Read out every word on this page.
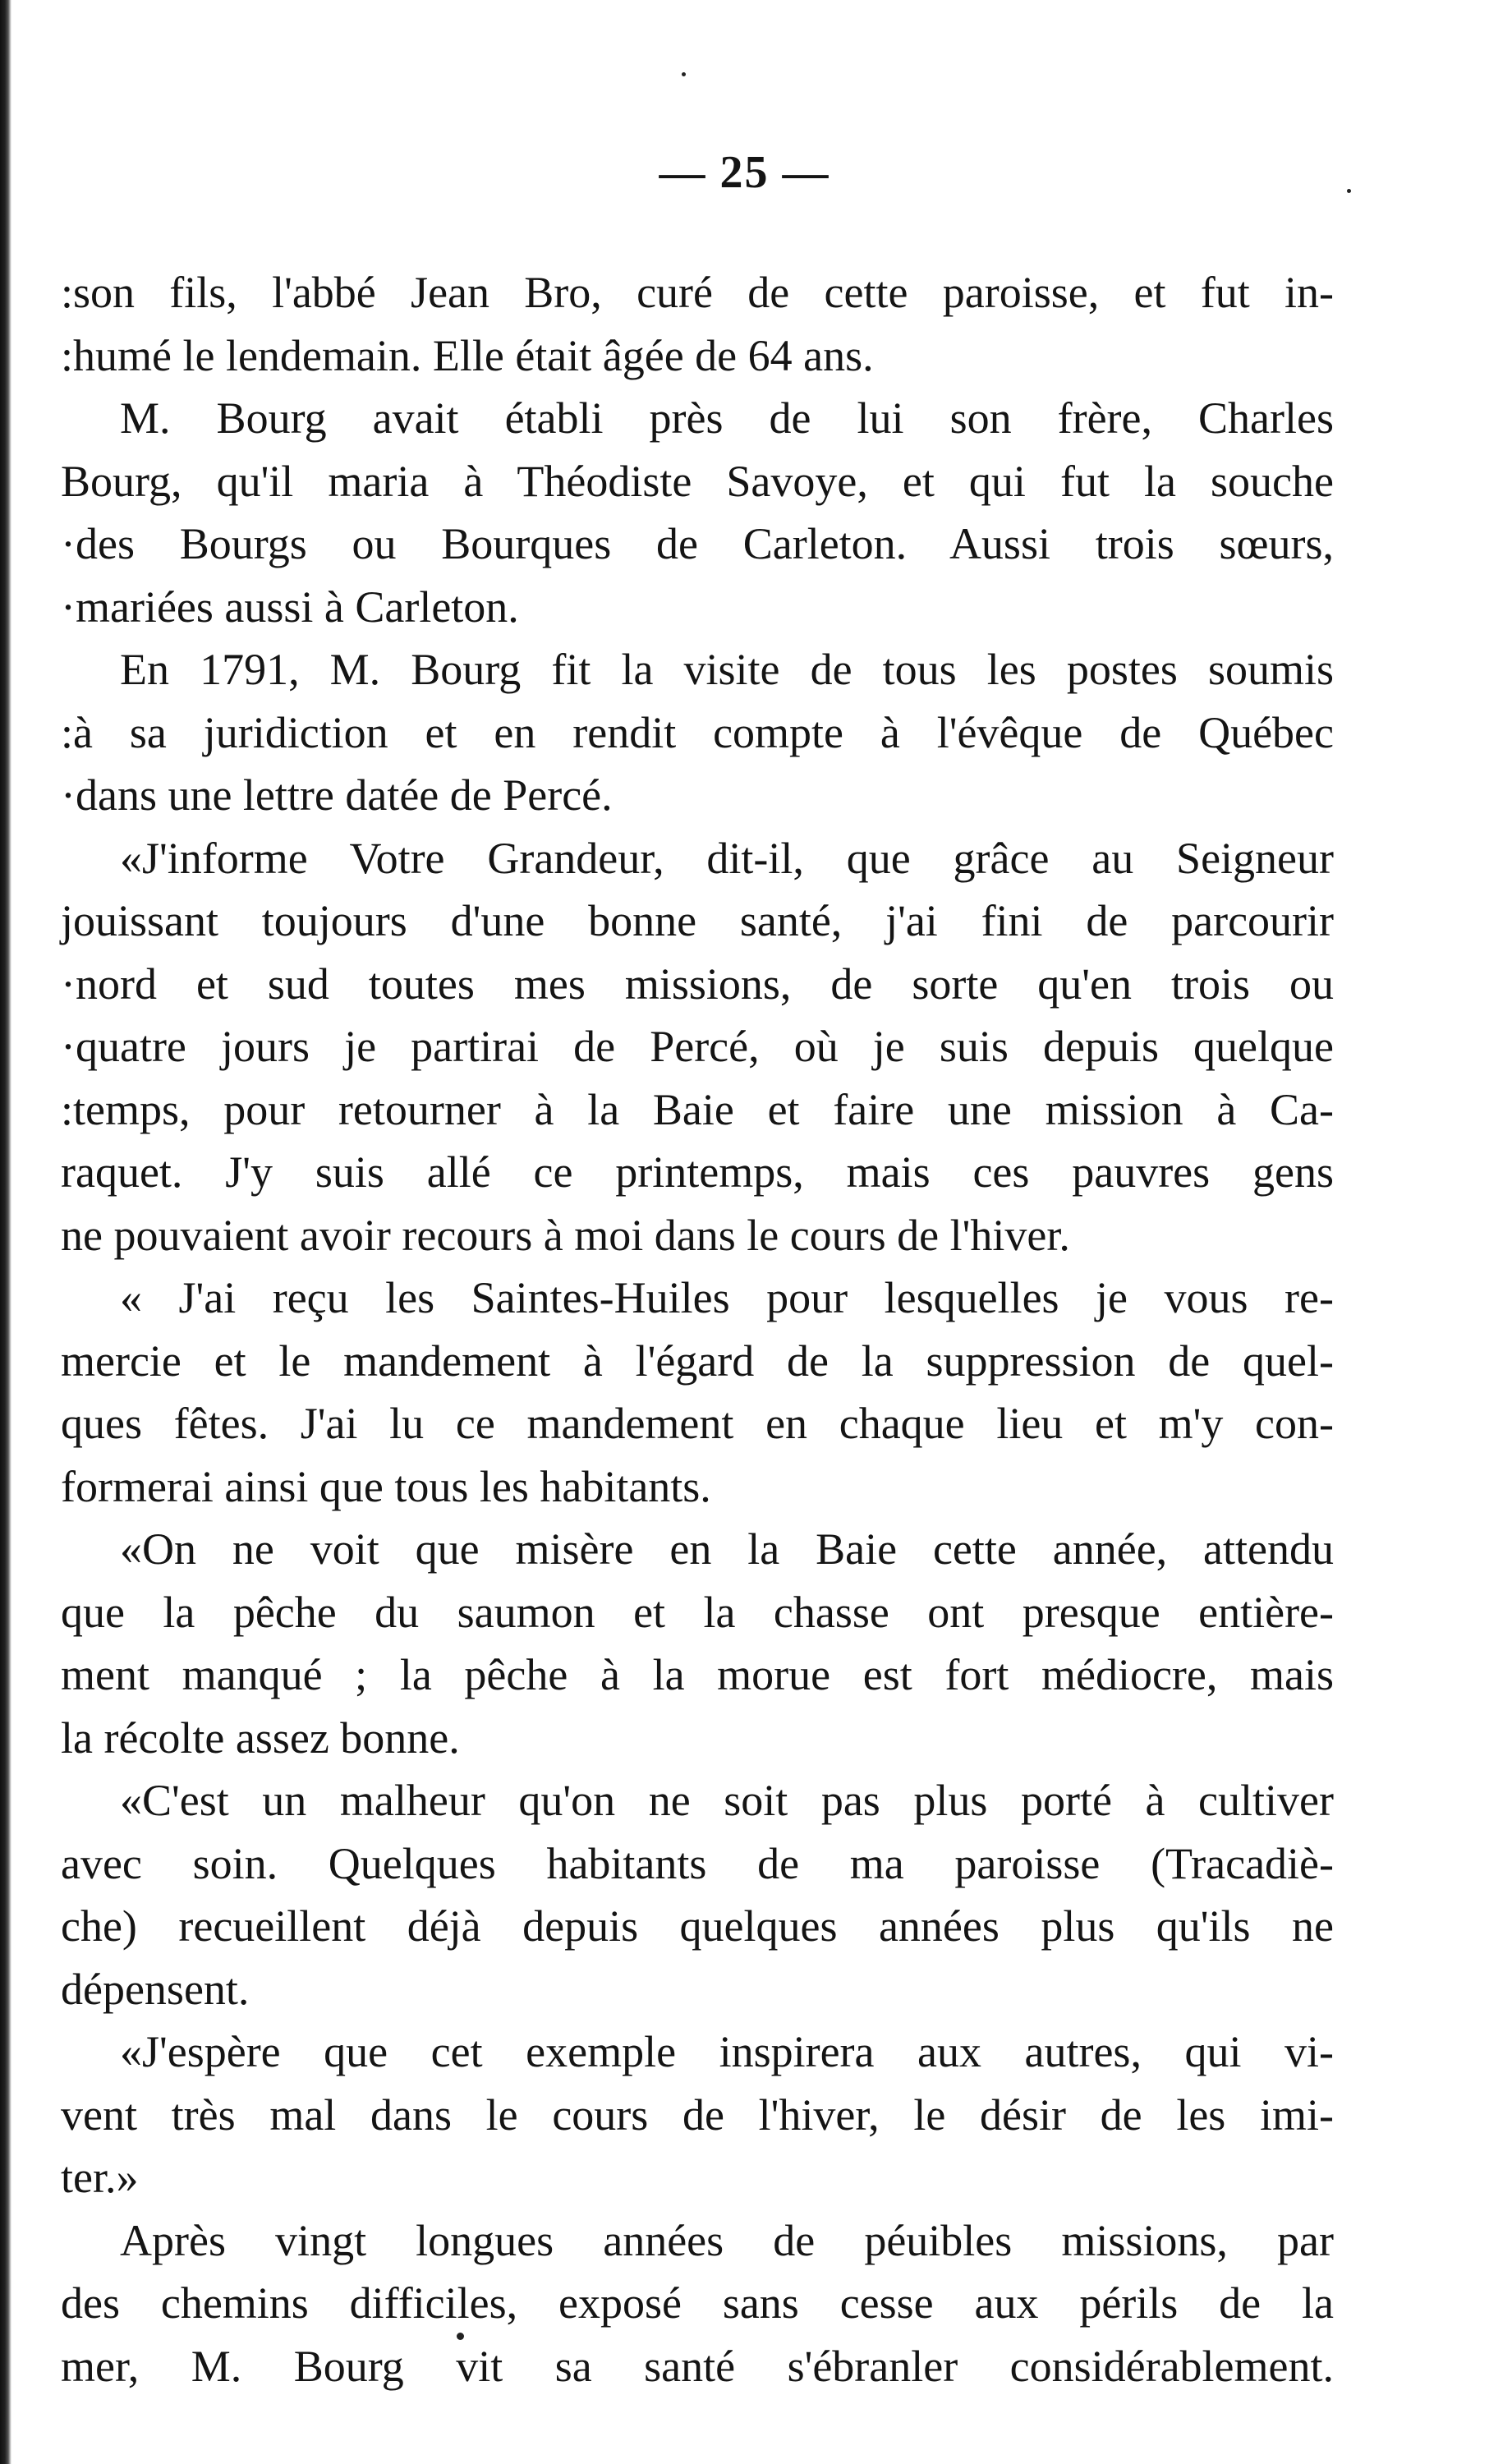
— 25 —
:son fils, l'abbé Jean Bro, curé de cette paroisse, et fut in-
:humé le lendemain. Elle était âgée de 64 ans.
M. Bourg avait établi près de lui son frère, Charles
Bourg, qu'il maria à Théodiste Savoye, et qui fut la souche
·des Bourgs ou Bourques de Carleton. Aussi trois sœurs,
·mariées aussi à Carleton.
En 1791, M. Bourg fit la visite de tous les postes soumis
:à sa juridiction et en rendit compte à l'évêque de Québec
·dans une lettre datée de Percé.
«J'informe Votre Grandeur, dit-il, que grâce au Seigneur
jouissant toujours d'une bonne santé, j'ai fini de parcourir
·nord et sud toutes mes missions, de sorte qu'en trois ou
·quatre jours je partirai de Percé, où je suis depuis quelque
:temps, pour retourner à la Baie et faire une mission à Ca-
raquet. J'y suis allé ce printemps, mais ces pauvres gens
ne pouvaient avoir recours à moi dans le cours de l'hiver.
« J'ai reçu les Saintes-Huiles pour lesquelles je vous re-
mercie et le mandement à l'égard de la suppression de quel-
ques fêtes. J'ai lu ce mandement en chaque lieu et m'y con-
formerai ainsi que tous les habitants.
«On ne voit que misère en la Baie cette année, attendu
que la pêche du saumon et la chasse ont presque entière-
ment manqué ; la pêche à la morue est fort médiocre, mais
la récolte assez bonne.
«C'est un malheur qu'on ne soit pas plus porté à cultiver
avec soin. Quelques habitants de ma paroisse (Tracadiè-
che) recueillent déjà depuis quelques années plus qu'ils ne
dépensent.
«J'espère que cet exemple inspirera aux autres, qui vi-
vent très mal dans le cours de l'hiver, le désir de les imi-
ter.»
Après vingt longues années de péuibles missions, par
des chemins difficiles, exposé sans cesse aux périls de la
mer, M. Bourg vit sa santé s'ébranler considérablement.
